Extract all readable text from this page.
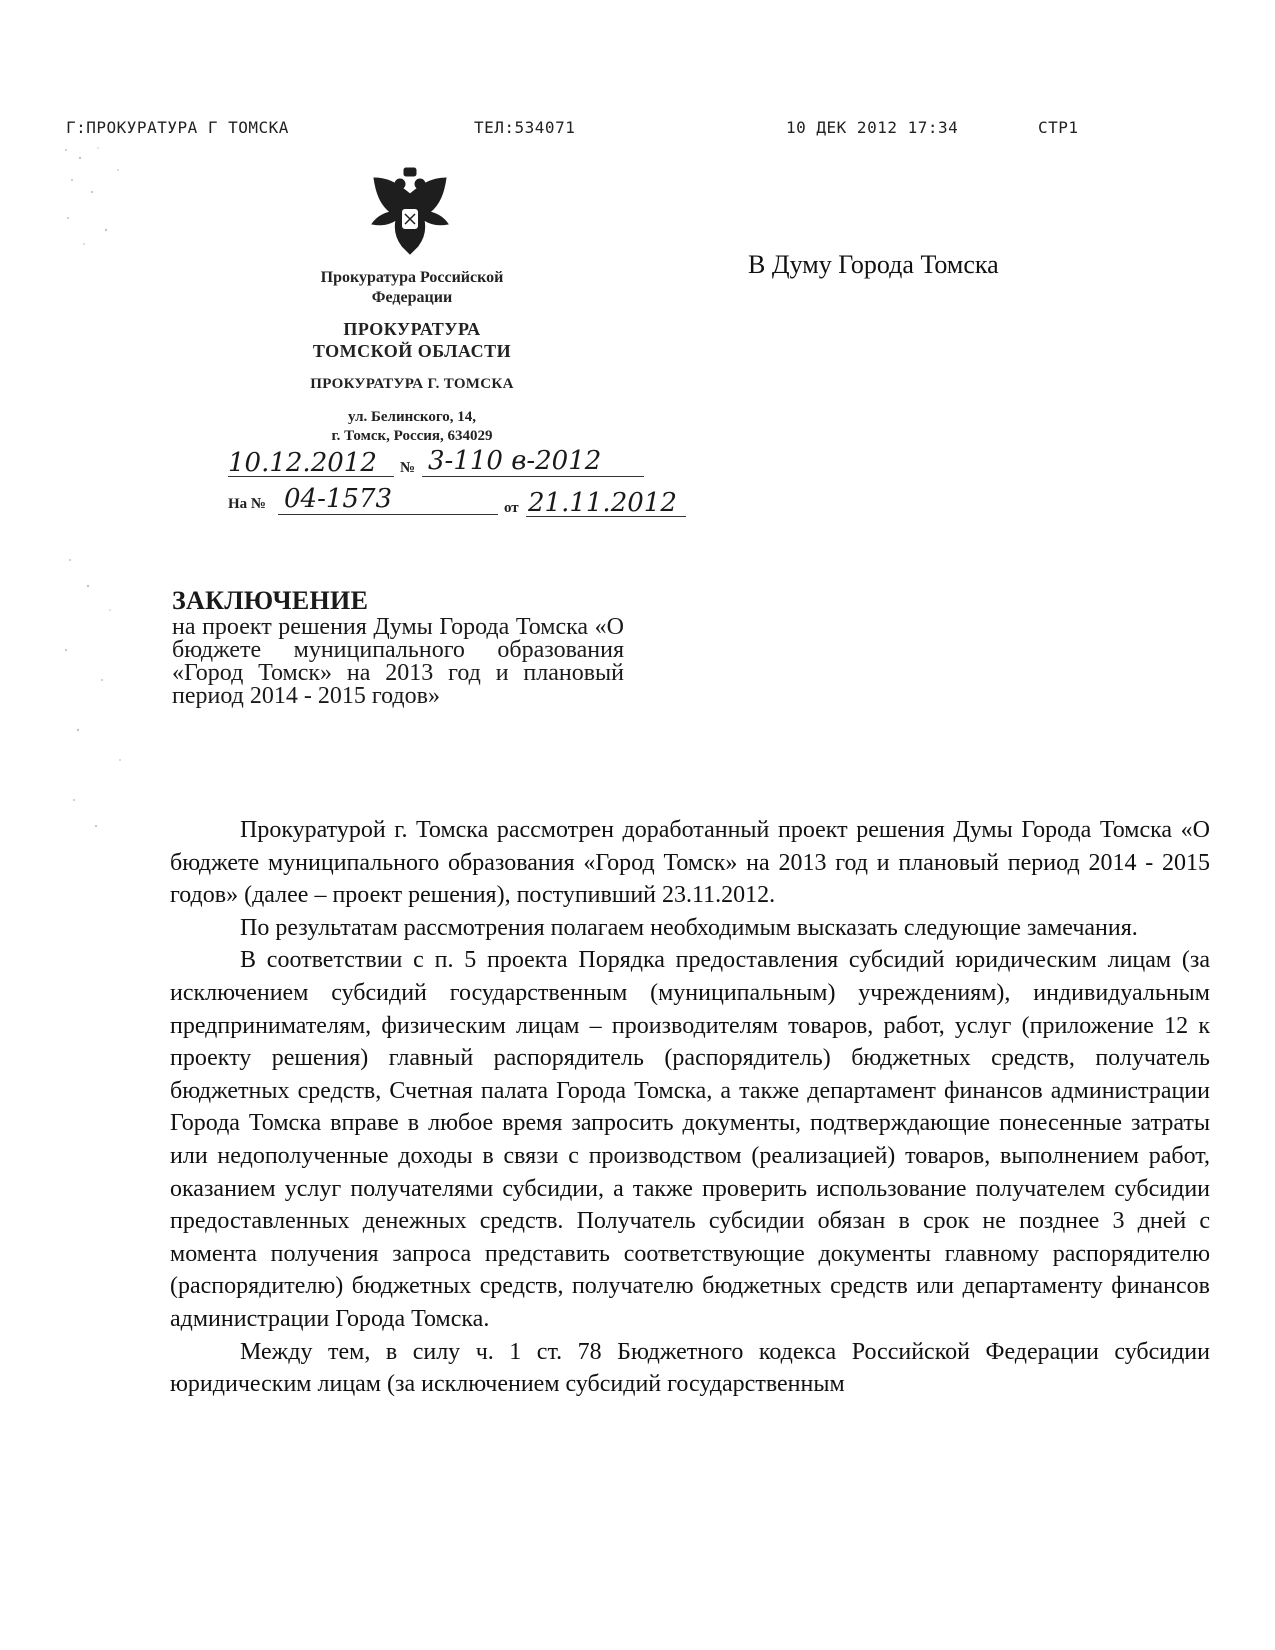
Г:ПРОКУРАТУРА Г ТОМСКА	ТЕЛ:534071	10 ДЕК 2012 17:34	СТР1
Прокуратура Российской
Федерации
ПРОКУРАТУРА
ТОМСКОЙ ОБЛАСТИ
ПРОКУРАТУРА Г. ТОМСКА
ул. Белинского, 14,
г. Томск, Россия, 634029
В Думу Города Томска
10.12.2012 № 3-110 в-2012
На № 04-1573	от 21.11.2012
ЗАКЛЮЧЕНИЕ
на проект решения Думы Города Томска «О бюджете муниципального образования «Город Томск» на 2013 год и плановый период 2014 - 2015 годов»

Прокуратурой г. Томска рассмотрен доработанный проект решения Думы Города Томска «О бюджете муниципального образования «Город Томск» на 2013 год и плановый период 2014 - 2015 годов» (далее – проект решения), поступивший 23.11.2012.

По результатам рассмотрения полагаем необходимым высказать следующие замечания.

В соответствии с п. 5 проекта Порядка предоставления субсидий юридическим лицам (за исключением субсидий государственным (муниципальным) учреждениям), индивидуальным предпринимателям, физическим лицам – производителям товаров, работ, услуг (приложение 12 к проекту решения) главный распорядитель (распорядитель) бюджетных средств, получатель бюджетных средств, Счетная палата Города Томска, а также департамент финансов администрации Города Томска вправе в любое время запросить документы, подтверждающие понесенные затраты или недополученные доходы в связи с производством (реализацией) товаров, выполнением работ, оказанием услуг получателями субсидии, а также проверить использование получателем субсидии предоставленных денежных средств. Получатель субсидии обязан в срок не позднее 3 дней с момента получения запроса представить соответствующие документы главному распорядителю (распорядителю) бюджетных средств, получателю бюджетных средств или департаменту финансов администрации Города Томска.

Между тем, в силу ч. 1 ст. 78 Бюджетного кодекса Российской Федерации субсидии юридическим лицам (за исключением субсидий государственным
